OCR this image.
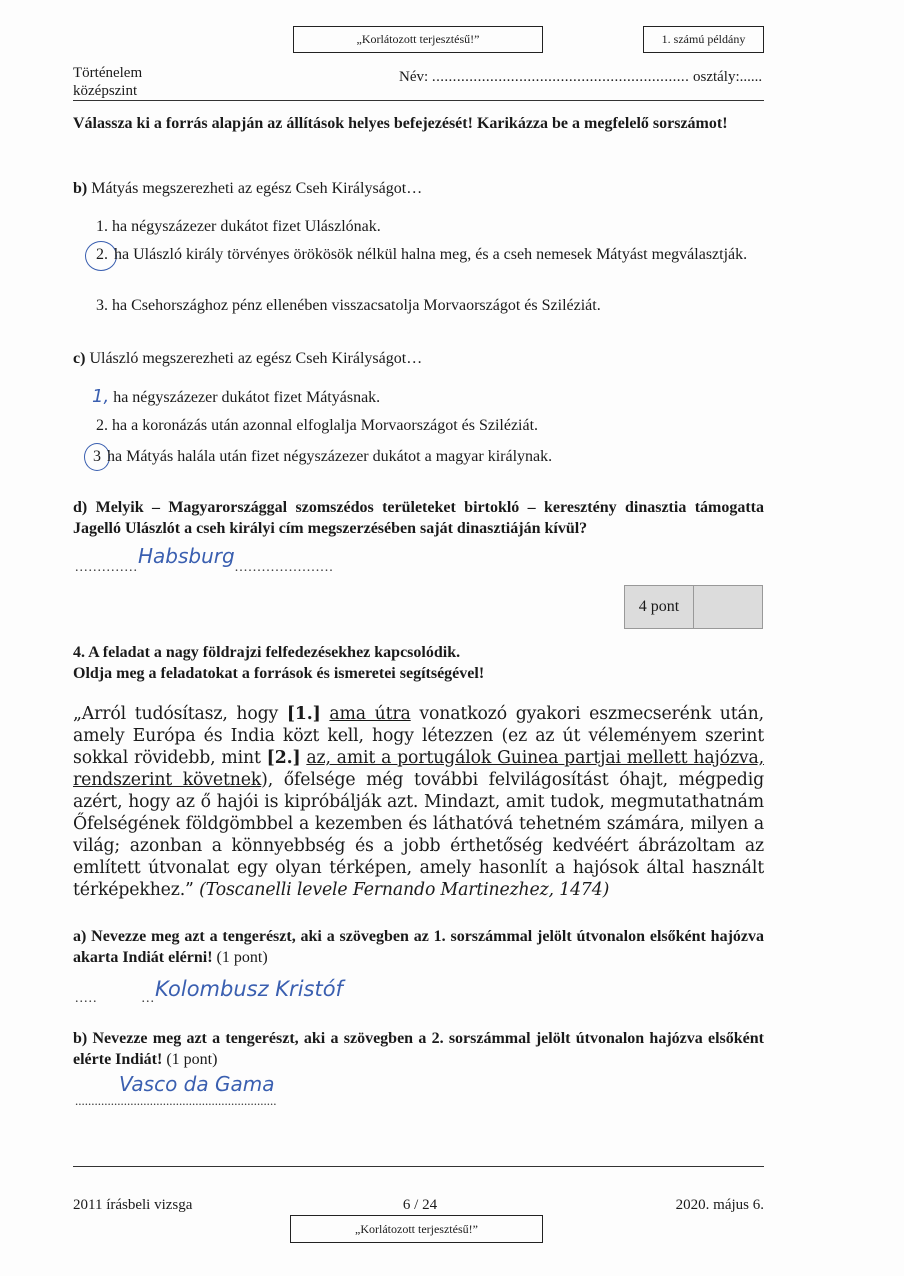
„Korlátozott terjesztésű!”	1. számú példány
Történelem
középszint
Név: .............................................................. osztály:......
Válassza ki a forrás alapján az állítások helyes befejezését! Karikázza be a megfelelő sorszámot!
b) Mátyás megszerezheti az egész Cseh Királyságot…
1. ha négyszázezer dukátot fizet Ulászlónak.
2. ha Ulászló király törvényes örökösök nélkül halna meg, és a cseh nemesek Mátyást megválasztják.
3. ha Csehországhoz pénz ellenében visszacsatolja Morvaországot és Sziléziát.
c) Ulászló megszerezheti az egész Cseh Királyságot…
1, ha négyszázezer dukátot fizet Mátyásnak.
2. ha a koronázás után azonnal elfoglalja Morvaországot és Sziléziát.
3 ha Mátyás halála után fizet négyszázezer dukátot a magyar királynak.
d) Melyik – Magyarországgal szomszédos területeket birtokló – keresztény dinasztia támogatta Jagelló Ulászlót a cseh királyi cím megszerzésében saját dinasztiáján kívül?
..............Habsburg......................
4 pont
4. A feladat a nagy földrajzi felfedezésekhez kapcsolódik.
Oldja meg a feladatokat a források és ismeretei segítségével!
„Arról tudósítasz, hogy [1.] ama útra vonatkozó gyakori eszmecserénk után, amely Európa és India közt kell, hogy létezzen (ez az út véleményem szerint sokkal rövidebb, mint [2.] az, amit a portugálok Guinea partjai mellett hajózva, rendszerint követnek), őfelsége még további felvilágosítást óhajt, mégpedig azért, hogy az ő hajói is kipróbálják azt. Mindazt, amit tudok, megmutathatnám Őfelségének földgömbbel a kezemben és láthatóvá tehetném számára, milyen a világ; azonban a könnyebbség és a jobb érthetőség kedvéért ábrázoltam az említett útvonalat egy olyan térképen, amely hasonlít a hajósok által használt térképekhez.” (Toscanelli levele Fernando Martinezhez, 1474)
a) Nevezze meg azt a tengerészt, aki a szövegben az 1. sorszámmal jelölt útvonalon elsőként hajózva akarta Indiát elérni! (1 pont)
.....	...Kolombusz Kristóf
b) Nevezze meg azt a tengerészt, aki a szövegben a 2. sorszámmal jelölt útvonalon hajózva elsőként elérte Indiát! (1 pont)
Vasco da Gama
$_{..............................................................}$
2011 írásbeli vizsga	6 / 24	2020. május 6.
„Korlátozott terjesztésű!”
